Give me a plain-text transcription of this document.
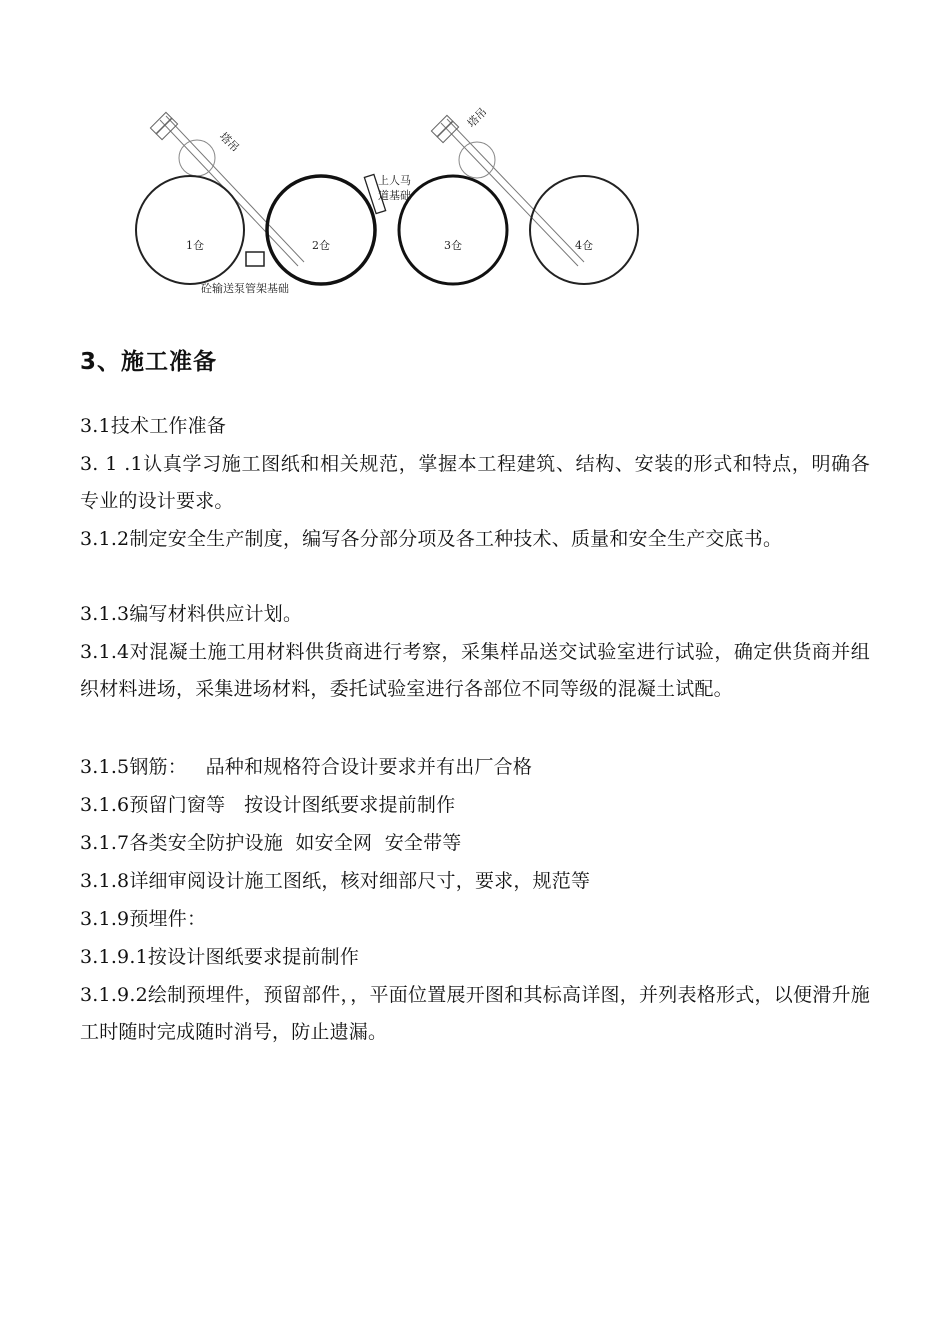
塔吊
塔吊
1仓	2仓	3仓	4仓
上人马
道基础
砼输送泵管架基础
3、施工准备
3.1技术工作准备
3. 1 .1认真学习施工图纸和相关规范，掌握本工程建筑、结构、安装的形式和特点，明确各专业的设计要求。
3.1.2制定安全生产制度，编写各分部分项及各工种技术、质量和安全生产交底书。
3.1.3编写材料供应计划。
3.1.4对混凝土施工用材料供货商进行考察，采集样品送交试验室进行试验，确定供货商并组织材料进场，采集进场材料，委托试验室进行各部位不同等级的混凝土试配。
3.1.5钢筋：   品种和规格符合设计要求并有出厂合格
3.1.6预留门窗等   按设计图纸要求提前制作
3.1.7各类安全防护设施  如安全网  安全带等
3.1.8详细审阅设计施工图纸，核对细部尺寸，要求，规范等
3.1.9预埋件：
3.1.9.1按设计图纸要求提前制作
3.1.9.2绘制预埋件，预留部件，，平面位置展开图和其标高详图，并列表格形式，以便滑升施工时随时完成随时消号，防止遗漏。
